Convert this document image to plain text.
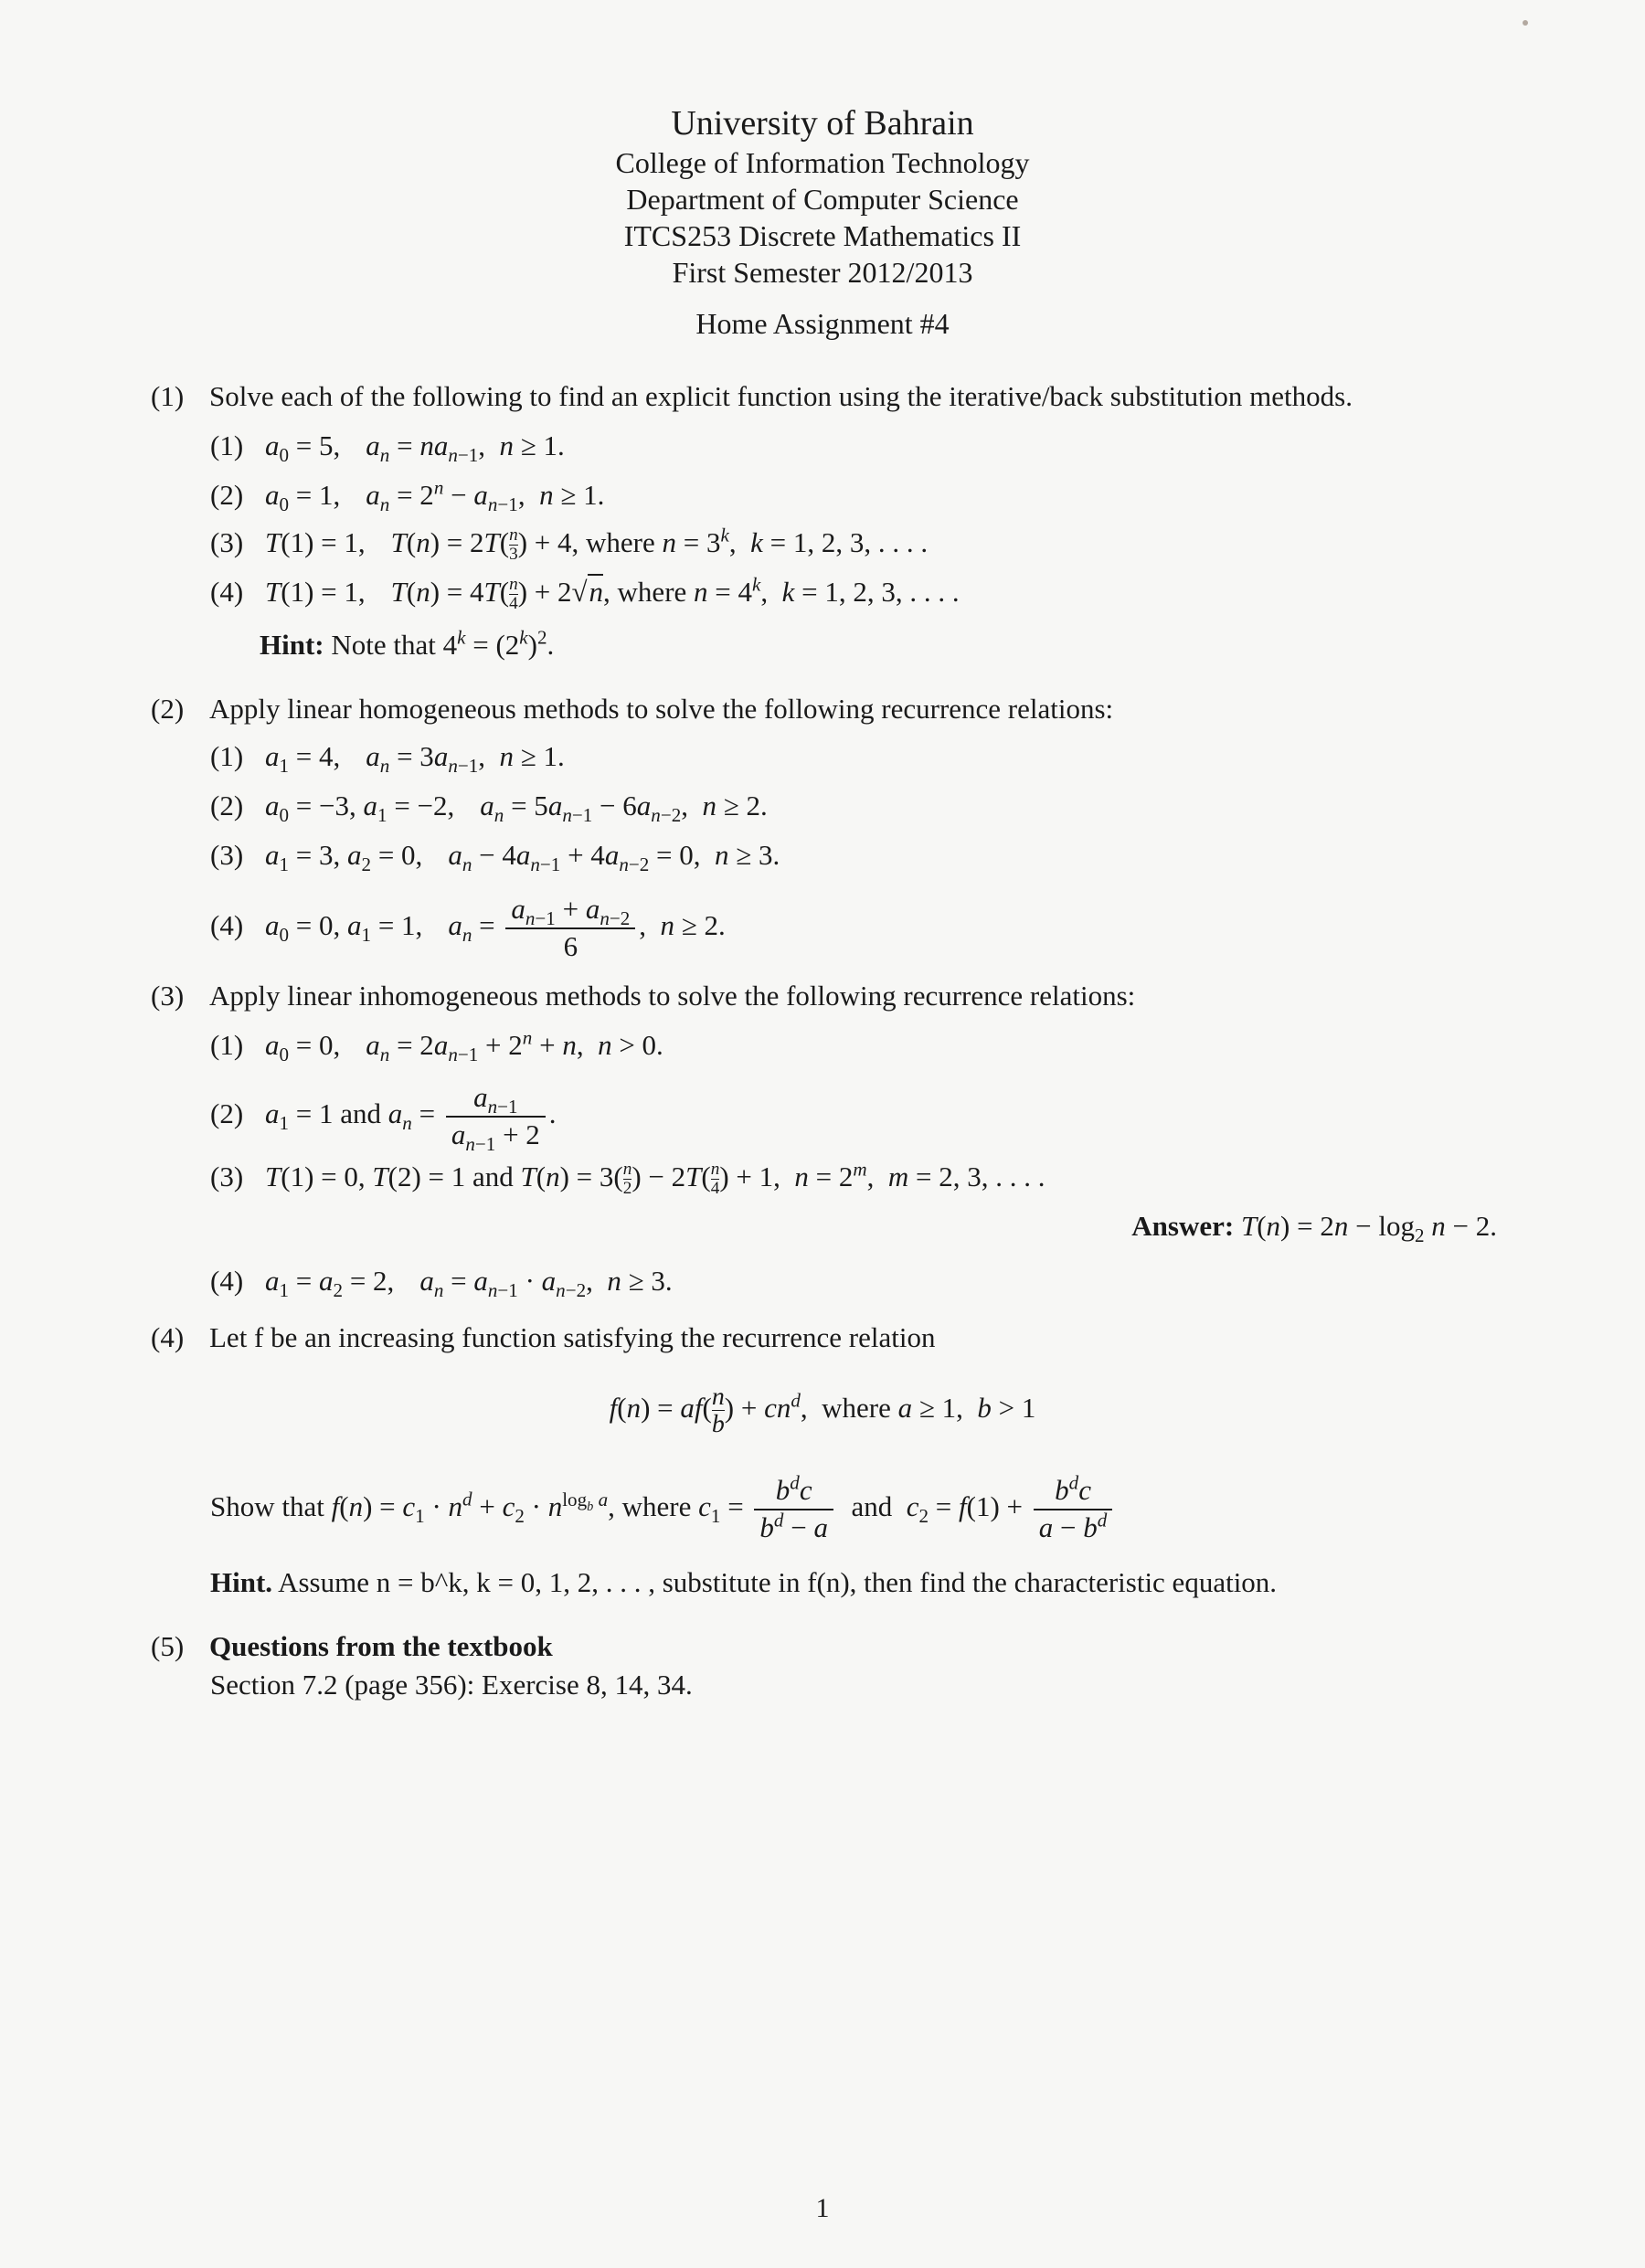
University of Bahrain
College of Information Technology
Department of Computer Science
ITCS253 Discrete Mathematics II
First Semester 2012/2013
Home Assignment #4
(1) Solve each of the following to find an explicit function using the iterative/back substitution methods.
(1) $a_0 = 5$, $a_n = na_{n-1}$,  n ≥ 1.
(2) $a_0 = 1$, $a_n = 2^n - a_{n-1}$,  n ≥ 1.
(3) T(1) = 1, $T(n) = 2T( \frac{n}{3}$ ) + 4, where $n = 3^k$,  k = 1, 2, 3, . . . .
(4) T(1) = 1, $T(n) = 4T( \frac{n}{4}$ ) + 2√n, where $n = 4^k$,  k = 1, 2, 3, . . . .
Hint: Note that $4^k = (2^k)^2$.
(2) Apply linear homogeneous methods to solve the following recurrence relations:
(1) $a_1 = 4$, $a_n = 3a_{n-1}$,  n ≥ 1.
(2) $a_0 = -3$, $a_1 = -2$, $a_n = 5a_{n-1} - 6a_{n-2}$,  n ≥ 2.
(3) $a_1 = 3$, $a_2 = 0$, $a_n - 4a_{n-1} + 4a_{n-2} = 0$,  n ≥ 3.
(4) $a_0 = 0$, $a_1 = 1$, $a_n = \frac{a_{n-1} + a_{n-2}}{6}$ ,  n ≥ 2.
(3) Apply linear inhomogeneous methods to solve the following recurrence relations:
(1) $a_0 = 0$, $a_n = 2a_{n-1} + 2^n + n$,  n > 0.
(2) $a_1 = 1$ and $a_n = \frac{a_{n-1}}{a_{n-1} + 2}$ .
(3) T(1) = 0, T(2) = 1 and $T(n) = 3( \frac{n}{2}$ ) − $2T( \frac{n}{4}$ ) + 1,  $n = 2^m$,  m = 2, 3, . . . .
Answer: $T(n) = 2n - \log_2 n - 2$.
(4) $a_1 = a_2 = 2$, $a_n = a_{n-1} \cdot a_{n-2}$,  n ≥ 3.
(4) Let f be an increasing function satisfying the recurrence relation
$f(n) = af( \frac{n}{b}$ ) + $cn^d$,  where a ≥ 1,  b > 1
Show that $f(n) = c_1 \cdot n^d + c_2 \cdot n^{log_b a}$, where $c_1 = \frac{b^dc}{b^d - a}$ and  $c_2 = f(1) + \frac{b^dc}{a - b^d}$
Hint. Assume n = b^k, k = 0, 1, 2, . . . , substitute in f(n), then find the characteristic equation.
(5) Questions from the textbook
Section 7.2 (page 356): Exercise 8, 14, 34.
1
